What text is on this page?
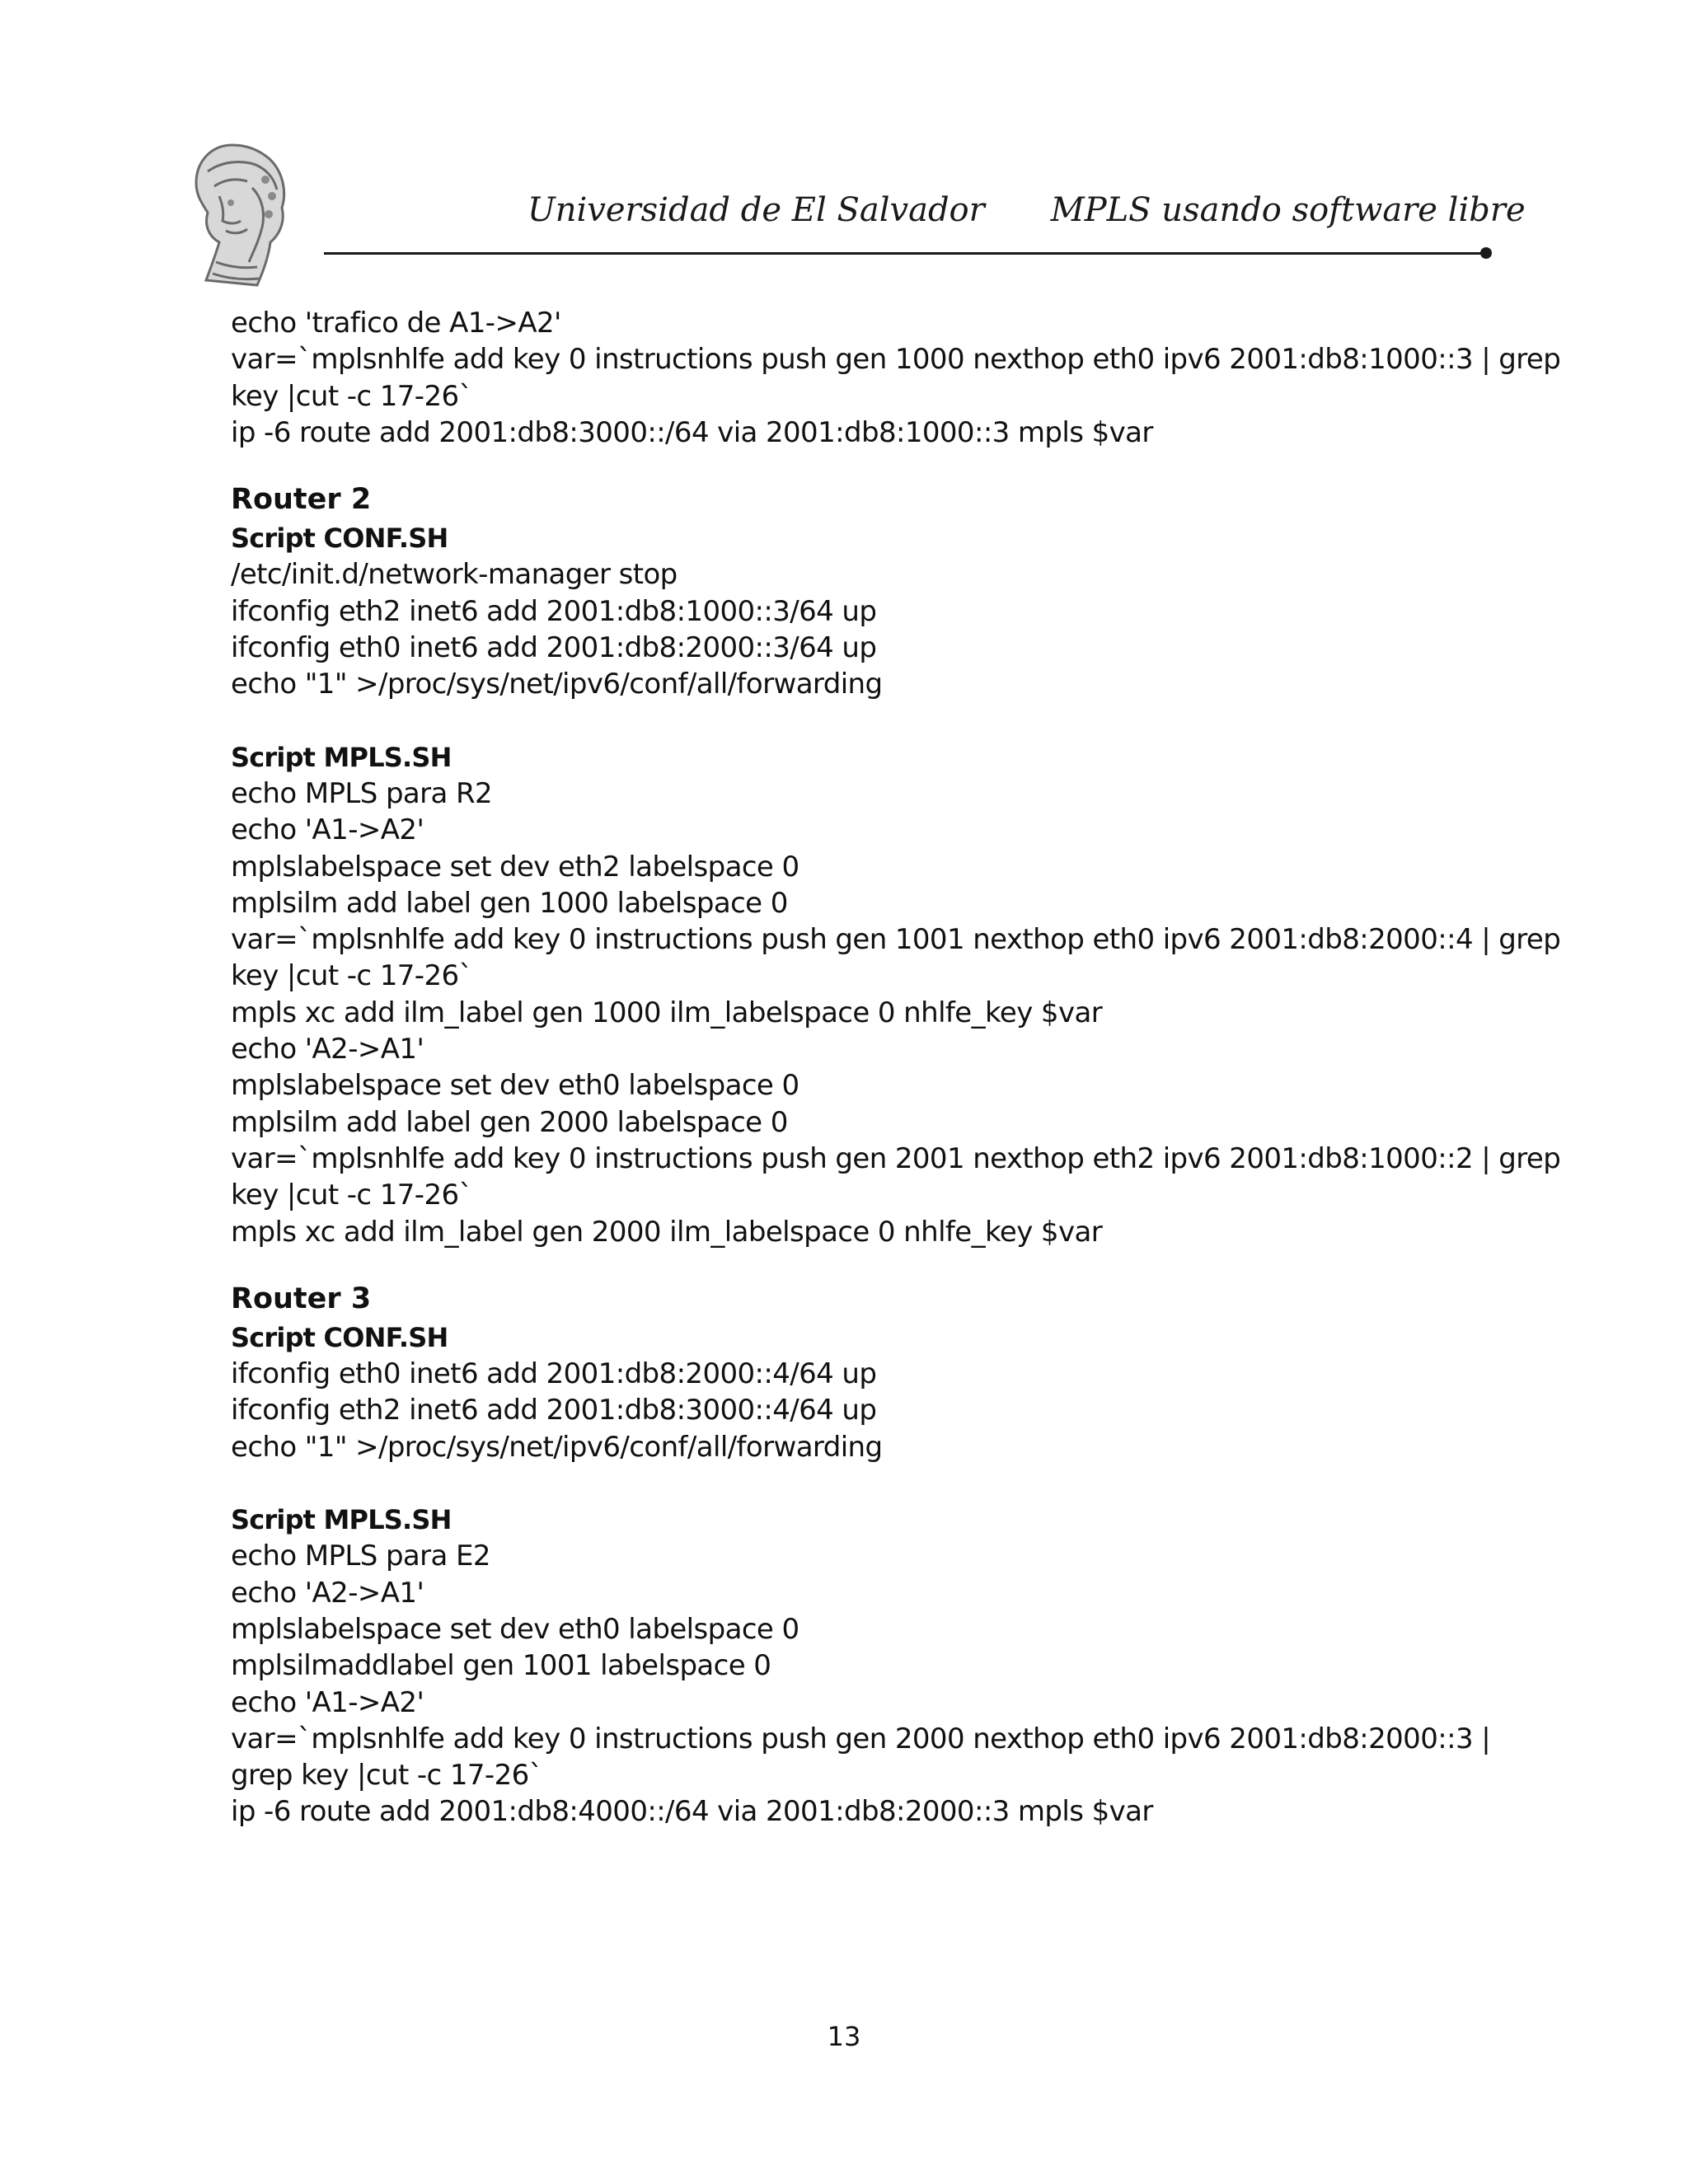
Universidad de El Salvador MPLS usando software libre
echo 'trafico de A1->A2'
var=`mplsnhlfe add key 0 instructions push gen 1000 nexthop eth0 ipv6 2001:db8:1000::3 | grep
key |cut -c 17-26`
ip -6 route add 2001:db8:3000::/64 via 2001:db8:1000::3 mpls $var
Router 2
Script CONF.SH
/etc/init.d/network-manager stop
ifconfig eth2 inet6 add 2001:db8:1000::3/64 up
ifconfig eth0 inet6 add 2001:db8:2000::3/64 up
echo "1" >/proc/sys/net/ipv6/conf/all/forwarding
Script MPLS.SH
echo MPLS para R2
echo 'A1->A2'
mplslabelspace set dev eth2 labelspace 0
mplsilm add label gen 1000 labelspace 0
var=`mplsnhlfe add key 0 instructions push gen 1001 nexthop eth0 ipv6 2001:db8:2000::4 | grep
key |cut -c 17-26`
mpls xc add ilm_label gen 1000 ilm_labelspace 0 nhlfe_key $var
echo 'A2->A1'
mplslabelspace set dev eth0 labelspace 0
mplsilm add label gen 2000 labelspace 0
var=`mplsnhlfe add key 0 instructions push gen 2001 nexthop eth2 ipv6 2001:db8:1000::2 | grep
key |cut -c 17-26`
mpls xc add ilm_label gen 2000 ilm_labelspace 0 nhlfe_key $var
Router 3
Script CONF.SH
ifconfig eth0 inet6 add 2001:db8:2000::4/64 up
ifconfig eth2 inet6 add 2001:db8:3000::4/64 up
echo "1" >/proc/sys/net/ipv6/conf/all/forwarding
Script MPLS.SH
echo MPLS para E2
echo 'A2->A1'
mplslabelspace set dev eth0 labelspace 0
mplsilmaddlabel gen 1001 labelspace 0
echo 'A1->A2'
var=`mplsnhlfe add key 0 instructions push gen 2000 nexthop eth0 ipv6 2001:db8:2000::3 |
grep key |cut -c 17-26`
ip -6 route add 2001:db8:4000::/64 via 2001:db8:2000::3 mpls $var
13
